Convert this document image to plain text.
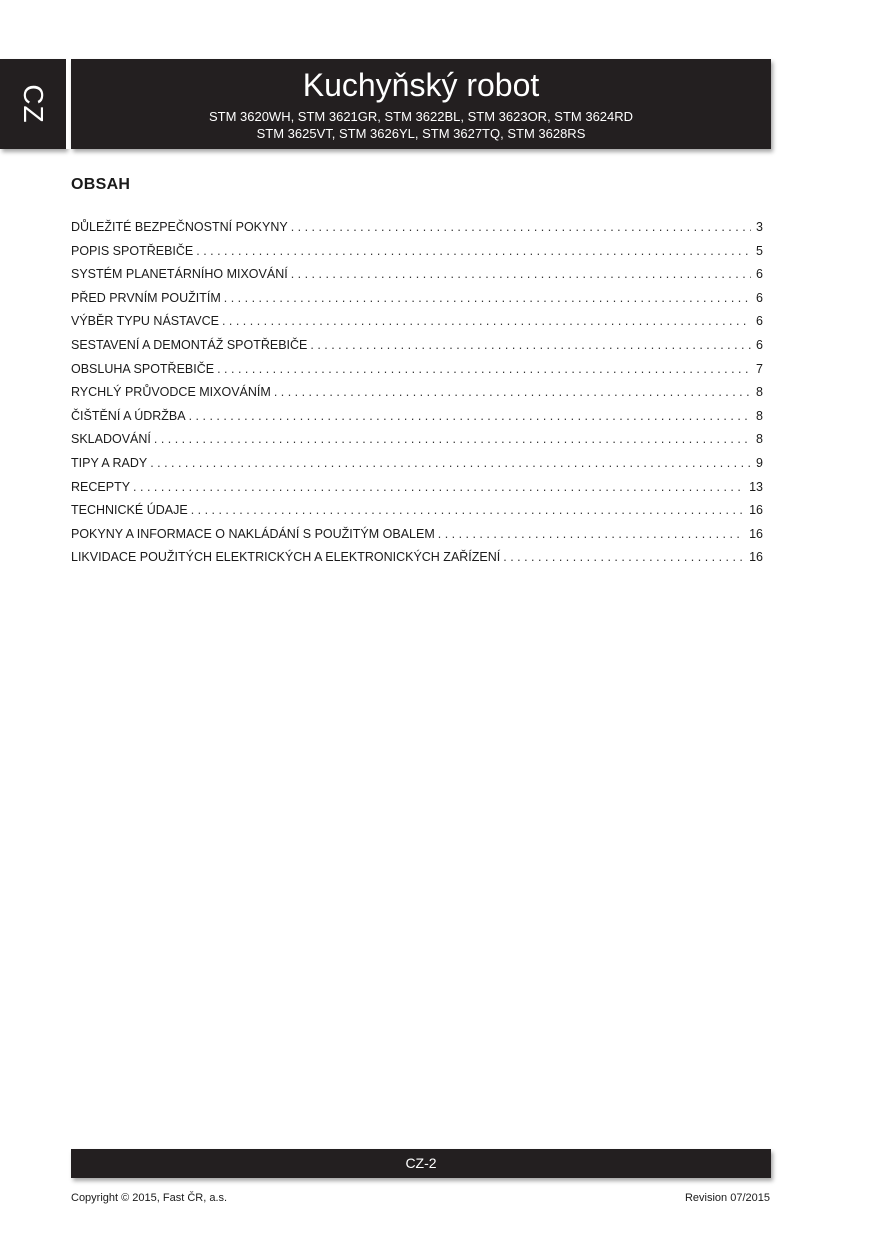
CZ	Kuchyňský robot
STM 3620WH, STM 3621GR, STM 3622BL, STM 3623OR, STM 3624RD
STM 3625VT, STM 3626YL, STM 3627TQ, STM 3628RS
OBSAH
DŮLEŽITÉ BEZPEČNOSTNÍ POKYNY . . .	3
POPIS SPOTŘEBIČE . . .	5
SYSTÉM PLANETÁRNÍHO MIXOVÁNÍ . . .	6
PŘED PRVNÍM POUŽITÍM . . .	6
VÝBĚR TYPU NÁSTAVCE . . .	6
SESTAVENÍ A DEMONTÁŽ SPOTŘEBIČE . . .	6
OBSLUHA SPOTŘEBIČE . . .	7
RYCHLÝ PRŮVODCE MIXOVÁNÍM . . .	8
ČIŠTĚNÍ A ÚDRŽBA . . .	8
SKLADOVÁNÍ . . .	8
TIPY A RADY . . .	9
RECEPTY . . .	13
TECHNICKÉ ÚDAJE . . .	16
POKYNY A INFORMACE O NAKLÁDÁNÍ S POUŽITÝM OBALEM . . .	16
LIKVIDACE POUŽITÝCH ELEKTRICKÝCH A ELEKTRONICKÝCH ZAŘÍZENÍ . . .	16
CZ-2
Copyright © 2015, Fast ČR, a.s.	Revision 07/2015
